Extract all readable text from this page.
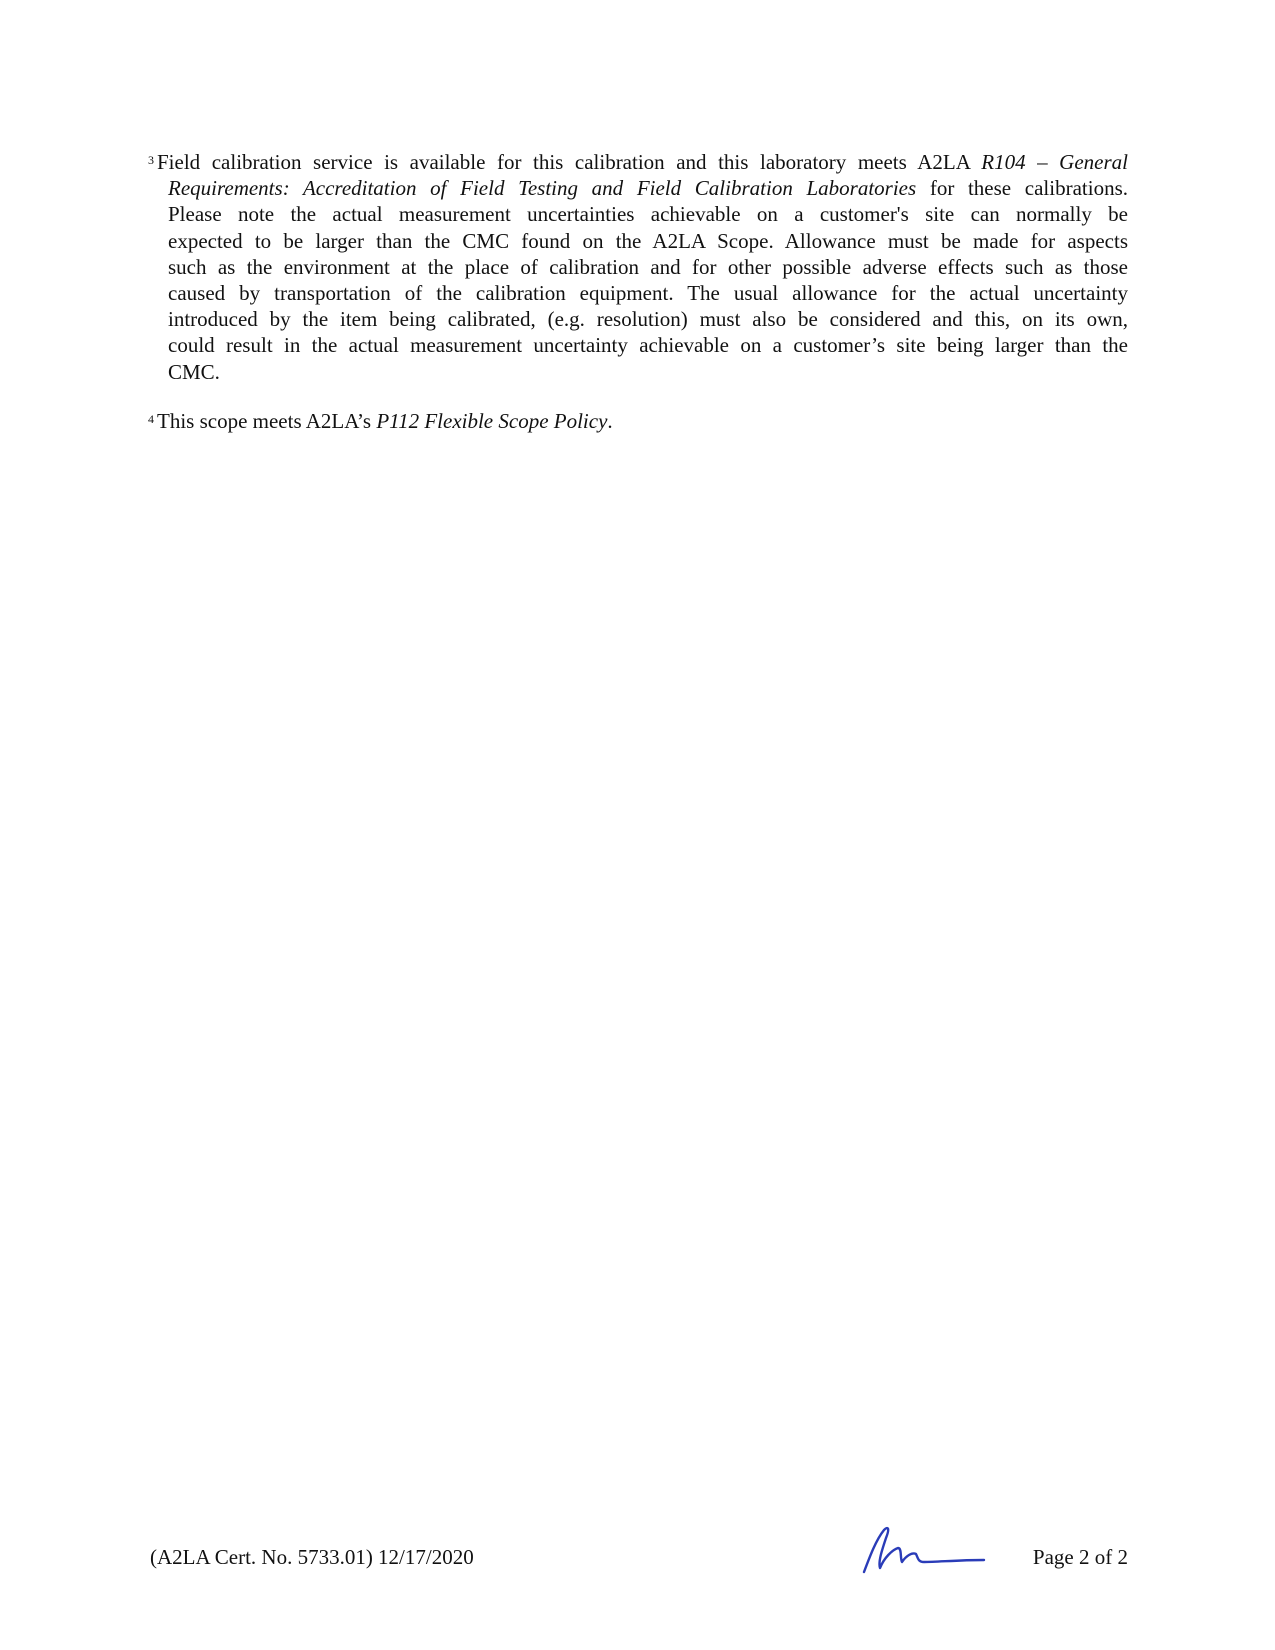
$^3$ Field calibration service is available for this calibration and this laboratory meets A2LA R104 – General
Requirements: Accreditation of Field Testing and Field Calibration Laboratories for these calibrations.
Please note the actual measurement uncertainties achievable on a customer's site can normally be
expected to be larger than the CMC found on the A2LA Scope. Allowance must be made for aspects
such as the environment at the place of calibration and for other possible adverse effects such as those
caused by transportation of the calibration equipment. The usual allowance for the actual uncertainty
introduced by the item being calibrated, (e.g. resolution) must also be considered and this, on its own,
could result in the actual measurement uncertainty achievable on a customer’s site being larger than the
CMC.
$^4$ This scope meets A2LA’s P112 Flexible Scope Policy.
(A2LA Cert. No. 5733.01) 12/17/2020	Page 2 of 2
